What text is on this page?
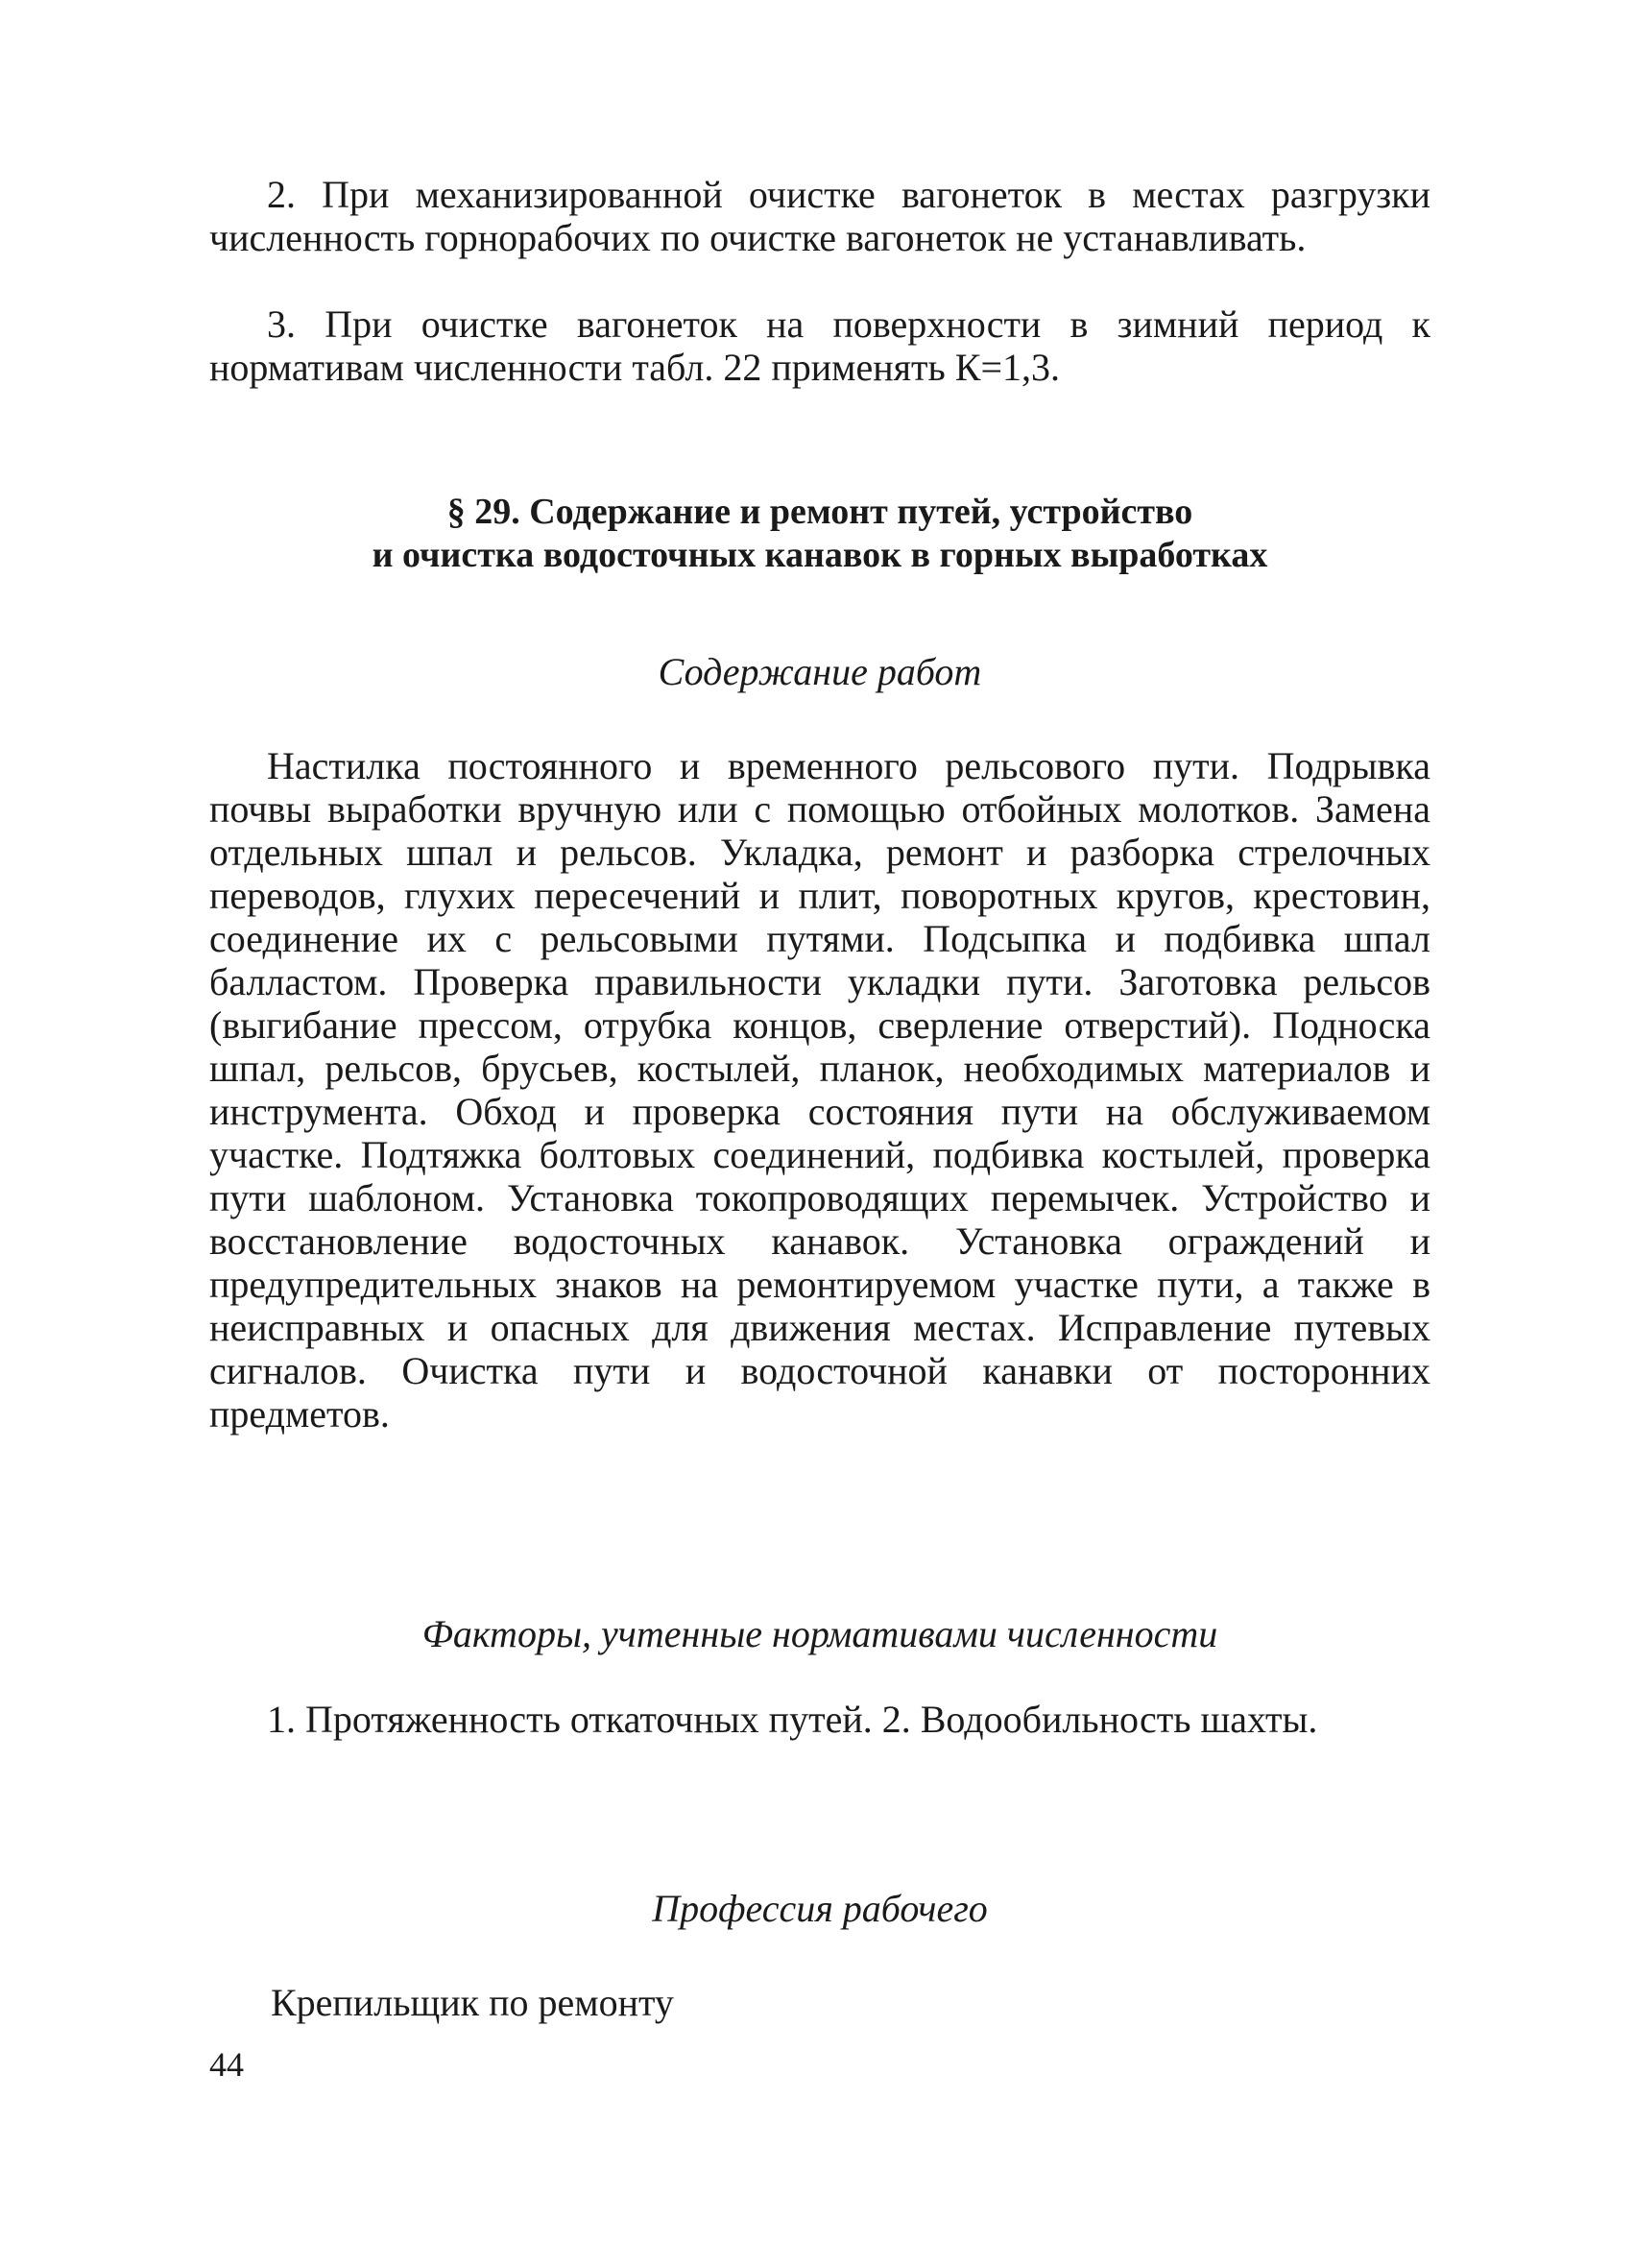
2. При механизированной очистке вагонеток в местах разгрузки численность горнорабочих по очистке вагонеток не устанавливать.

3. При очистке вагонеток на поверхности в зимний период к нормативам численности табл. 22 применять К=1,3.

§ 29. Содержание и ремонт путей, устройство

и очистка водосточных канавок в горных выработках

Содержание работ

Настилка постоянного и временного рельсового пути. Подрывка почвы выработки вручную или с помощью отбойных молотков. Замена отдельных шпал и рельсов. Укладка, ремонт и разборка стрелочных переводов, глухих пересечений и плит, поворотных кругов, крестовин, соединение их с рельсовыми путями. Подсыпка и подбивка шпал балластом. Проверка правильности укладки пути. Заготовка рельсов (выгибание прессом, отрубка концов, сверление отверстий). Подноска шпал, рельсов, брусьев, костылей, планок, необходимых материалов и инструмента. Обход и проверка состояния пути на обслуживаемом участке. Подтяжка болтовых соединений, подбивка костылей, проверка пути шаблоном. Установка токопроводящих перемычек. Устройство и восстановление водосточных канавок. Установка ограждений и предупредительных знаков на ремонтируемом участке пути, а также в неисправных и опасных для движения местах. Исправление путевых сигналов. Очистка пути и водосточной канавки от посторонних предметов.

Факторы, учтенные нормативами численности

1. Протяженность откаточных путей. 2. Водообильность шахты.

Профессия рабочего

Крепильщик по ремонту

44
